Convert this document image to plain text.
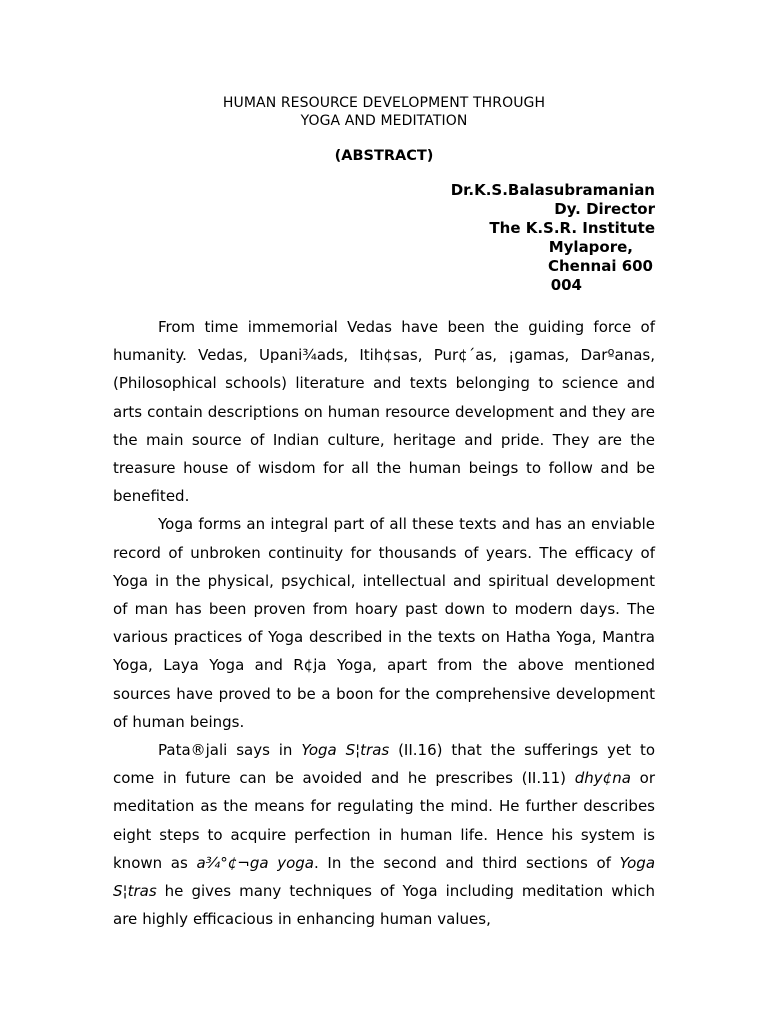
HUMAN RESOURCE DEVELOPMENT THROUGH
YOGA AND MEDITATION
(ABSTRACT)
Dr.K.S.Balasubramanian
Dy. Director
The K.S.R. Institute
Mylapore,
Chennai 600
004

From time immemorial Vedas have been the guiding force of humanity. Vedas, Upani¾ads, Itih¢sas, Pur¢´as, ¡gamas, Darºanas, (Philosophical schools) literature and texts belonging to science and arts contain descriptions on human resource development and they are the main source of Indian culture, heritage and pride. They are the treasure house of wisdom for all the human beings to follow and be benefited.

Yoga forms an integral part of all these texts and has an enviable record of unbroken continuity for thousands of years. The efficacy of Yoga in the physical, psychical, intellectual and spiritual development of man has been proven from hoary past down to modern days. The various practices of Yoga described in the texts on Hatha Yoga, Mantra Yoga, Laya Yoga and R¢ja Yoga, apart from the above mentioned sources have proved to be a boon for the comprehensive development of human beings.

Pata®jali says in Yoga S¦tras (II.16) that the sufferings yet to come in future can be avoided and he prescribes (II.11) dhy¢na or meditation as the means for regulating the mind. He further describes eight steps to acquire perfection in human life. Hence his system is known as a¾°¢¬ga yoga. In the second and third sections of Yoga S¦tras he gives many techniques of Yoga including meditation which are highly efficacious in enhancing human values,
